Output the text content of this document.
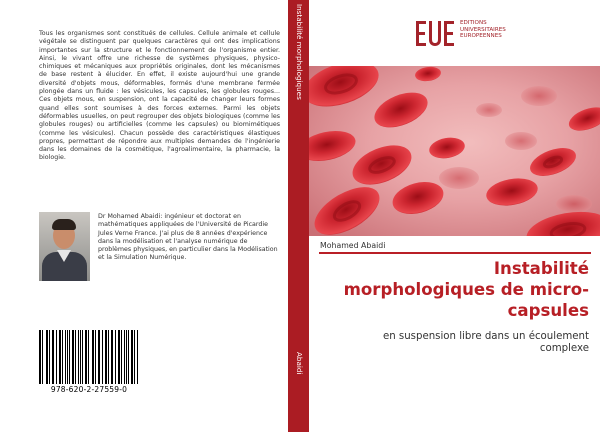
Tous les organismes sont constitués de cellules. Cellule animale et cellule végétale se distinguent par quelques caractères qui ont des implications importantes sur la structure et le fonctionnement de l'organisme entier. Ainsi, le vivant offre une richesse de systèmes physiques, physico-chimiques et mécaniques aux propriétés originales, dont les mécanismes de base restent à élucider. En effet, il existe aujourd'hui une grande diversité d'objets mous, déformables, formés d'une membrane fermée plongée dans un fluide : les vésicules, les capsules, les globules rouges... Ces objets mous, en suspension, ont la capacité de changer leurs formes quand elles sont soumises à des forces externes. Parmi les objets déformables usuelles, on peut regrouper des objets biologiques (comme les globules rouges) ou artificielles (comme les capsules) ou biomimétiques (comme les vésicules). Chacun possède des caractéristiques élastiques propres, permettant de répondre aux multiples demandes de l'ingénierie dans les domaines de la cosmétique, l'agroalimentaire, la pharmacie, la biologie.
Dr Mohamed Abaidi: ingénieur et doctorat en mathématiques appliquées de l'Université de Picardie Jules Verne France. J'ai plus de 8 années d'expérience dans la modélisation et l'analyse numérique de problèmes physiques, en particulier dans la Modélisation et la Simulation Numérique.
978-620-2-27559-0
Instabilité morphologiques
Abaidi
EDITIONS
UNIVERSITAIRES
EUROPEENNES
Mohamed Abaidi
Instabilité
morphologiques de micro-
capsules
en suspension libre dans un écoulement
complexe
